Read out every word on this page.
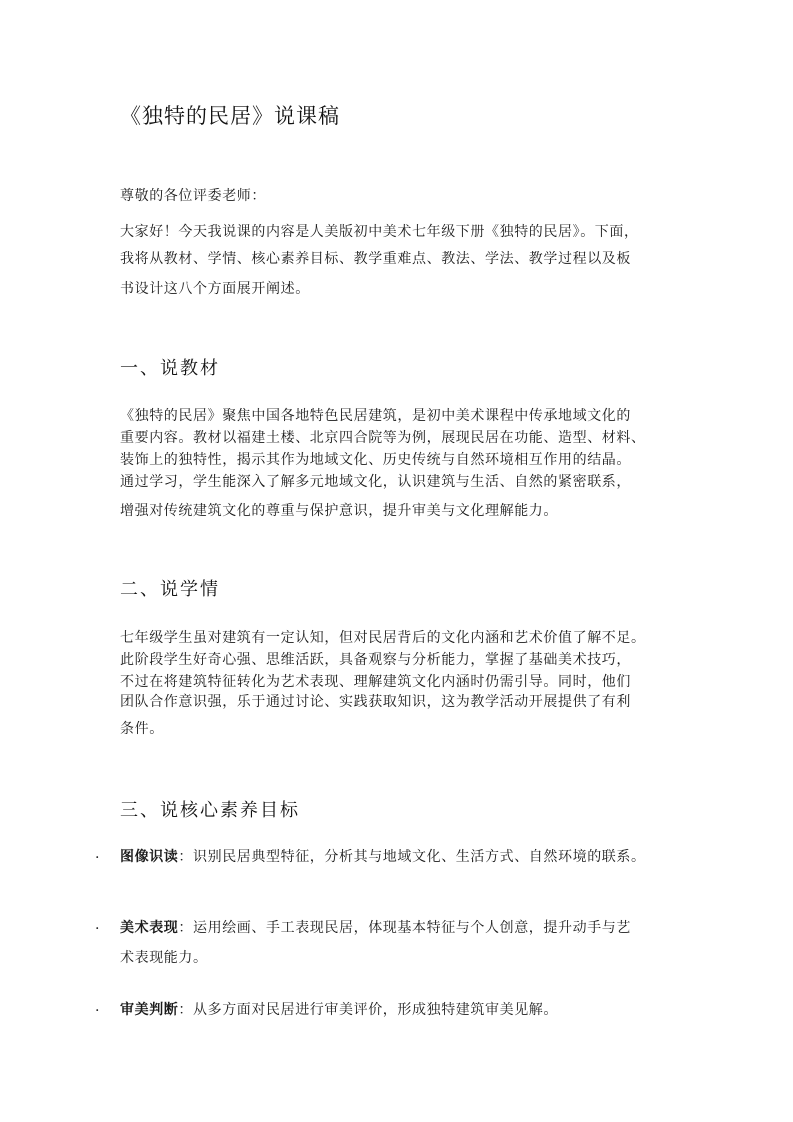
《独特的民居》说课稿
尊敬的各位评委老师：
大家好！今天我说课的内容是人美版初中美术七年级下册《独特的民居》。下面，
我将从教材、学情、核心素养目标、教学重难点、教法、学法、教学过程以及板
书设计这八个方面展开阐述。
一、说教材
《独特的民居》聚焦中国各地特色民居建筑，是初中美术课程中传承地域文化的
重要内容。教材以福建土楼、北京四合院等为例，展现民居在功能、造型、材料、
装饰上的独特性，揭示其作为地域文化、历史传统与自然环境相互作用的结晶。
通过学习，学生能深入了解多元地域文化，认识建筑与生活、自然的紧密联系，
增强对传统建筑文化的尊重与保护意识，提升审美与文化理解能力。
二、说学情
七年级学生虽对建筑有一定认知，但对民居背后的文化内涵和艺术价值了解不足。
此阶段学生好奇心强、思维活跃，具备观察与分析能力，掌握了基础美术技巧，
不过在将建筑特征转化为艺术表现、理解建筑文化内涵时仍需引导。同时，他们
团队合作意识强，乐于通过讨论、实践获取知识，这为教学活动开展提供了有利
条件。
三、说核心素养目标
. 图像识读：识别民居典型特征，分析其与地域文化、生活方式、自然环境的联系。
. 美术表现：运用绘画、手工表现民居，体现基本特征与个人创意，提升动手与艺
术表现能力。
. 审美判断：从多方面对民居进行审美评价，形成独特建筑审美见解。
